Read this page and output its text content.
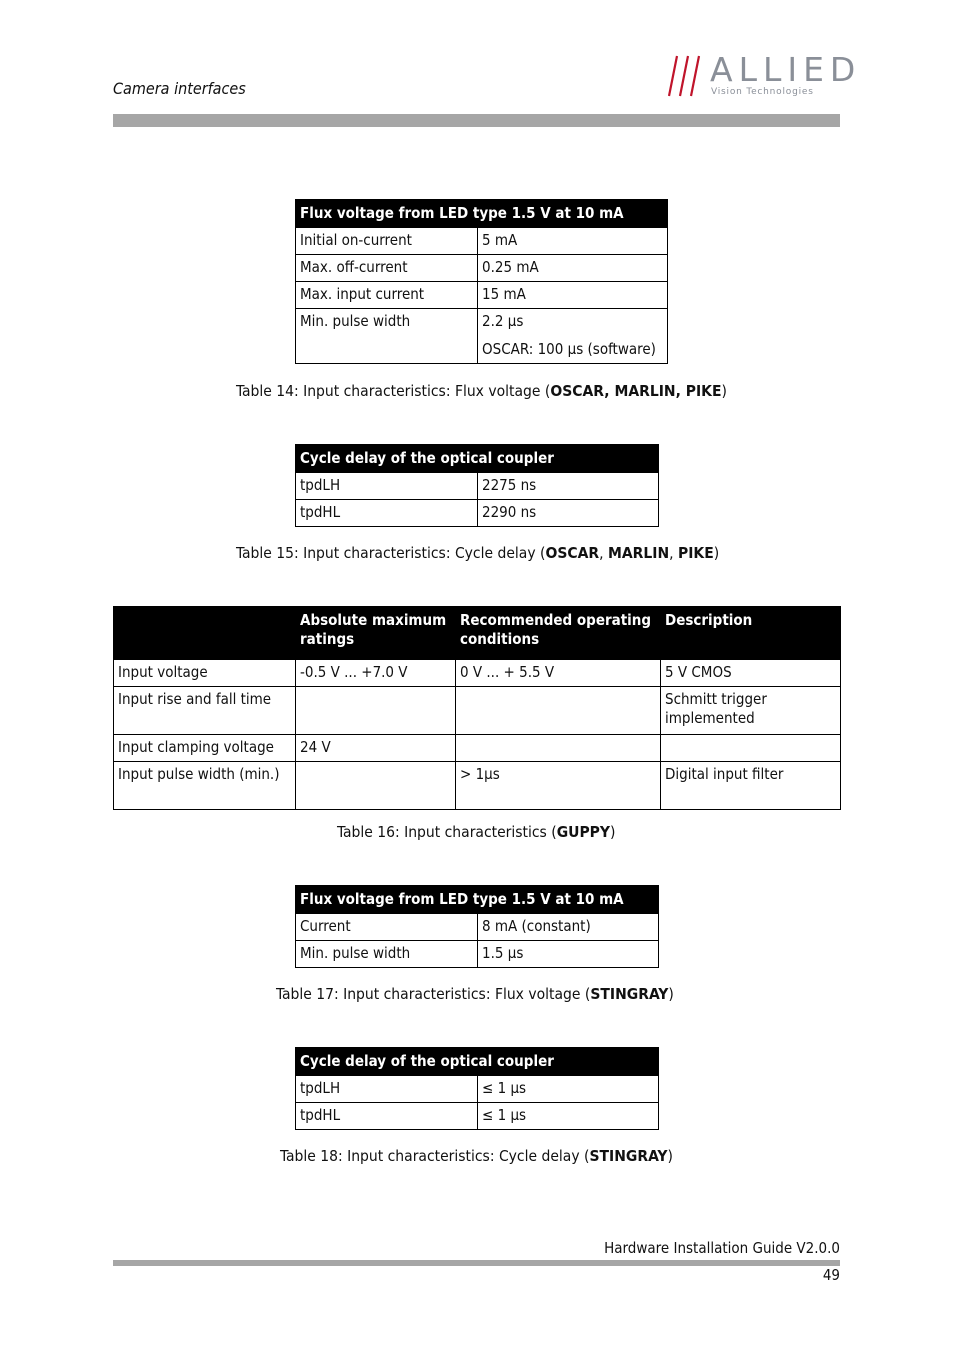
Camera interfaces	ALLIED
Vision Technologies
Flux voltage from LED type 1.5 V at 10 mA	
Initial on-current	5 mA
Max. off-current	0.25 mA
Max. input current	15 mA
Min. pulse width	2.2 µs
OSCAR: 100 µs (software)
Table 14: Input characteristics: Flux voltage (OSCAR, MARLIN, PIKE)
Cycle delay of the optical coupler	
tpdLH	2275 ns
tpdHL	2290 ns
Table 15: Input characteristics: Cycle delay (OSCAR, MARLIN, PIKE)
	Absolute maximum ratings	Recommended operating conditions	Description
Input voltage	-0.5 V ... +7.0 V	0 V ... + 5.5 V	5 V CMOS
Input rise and fall time			Schmitt trigger implemented
Input clamping voltage	24 V		
Input pulse width (min.)		> 1µs	Digital input filter
Table 16: Input characteristics (GUPPY)
Flux voltage from LED type 1.5 V at 10 mA	
Current	8 mA (constant)
Min. pulse width	1.5 µs
Table 17: Input characteristics: Flux voltage (STINGRAY)
Cycle delay of the optical coupler	
tpdLH	≤ 1 µs
tpdHL	≤ 1 µs
Table 18: Input characteristics: Cycle delay (STINGRAY)
Hardware Installation Guide V2.0.0
49
